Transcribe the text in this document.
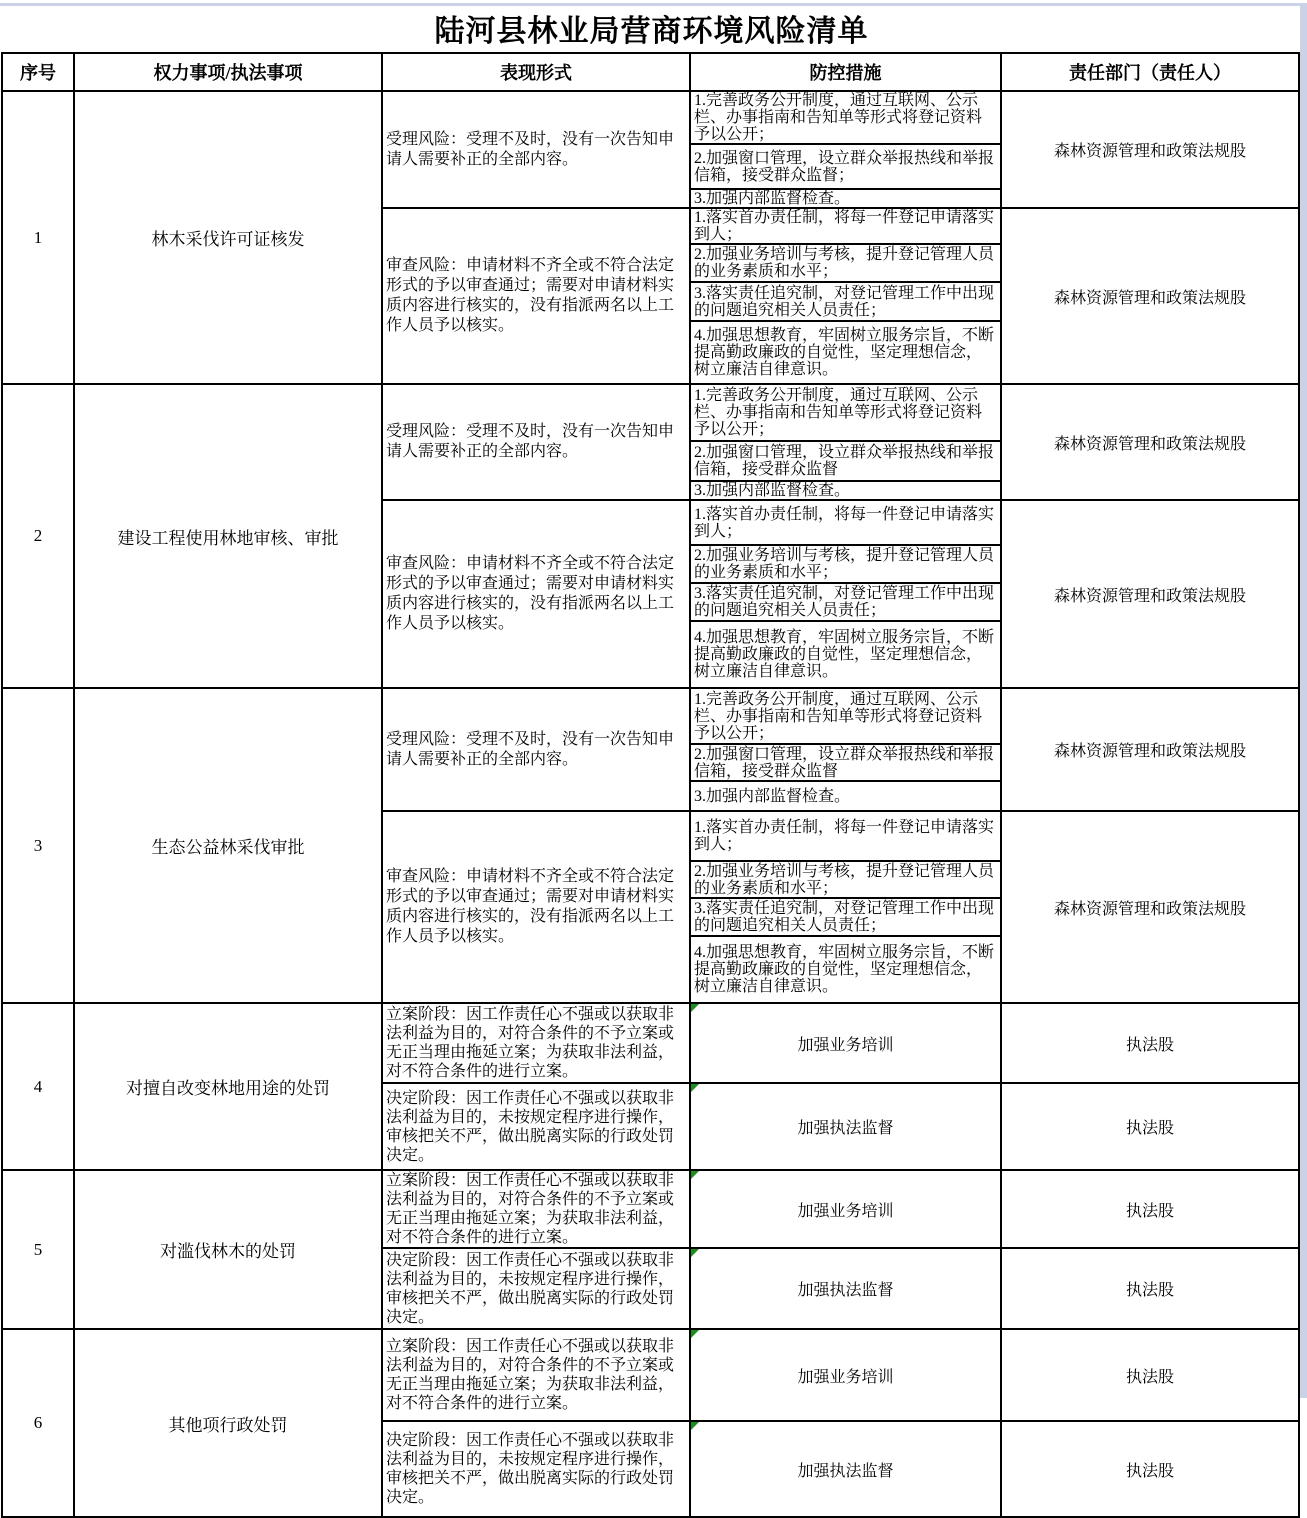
陆河县林业局营商环境风险清单
序号	权力事项/执法事项	表现形式	防控措施	责任部门（责任人）
1	林木采伐许可证核发	受理风险：受理不及时，没有一次告知申请人需要补正的全部内容。	1.完善政务公开制度，通过互联网、公示栏、办事指南和告知单等形式将登记资料予以公开；	森林资源管理和政策法规股
			2.加强窗口管理，设立群众举报热线和举报信箱，接受群众监督；	
			3.加强内部监督检查。	
		审查风险：申请材料不齐全或不符合法定形式的予以审查通过；需要对申请材料实质内容进行核实的，没有指派两名以上工作人员予以核实。	1.落实首办责任制，将每一件登记申请落实到人；	森林资源管理和政策法规股
			2.加强业务培训与考核，提升登记管理人员的业务素质和水平；	
			3.落实责任追究制，对登记管理工作中出现的问题追究相关人员责任；	
			4.加强思想教育，牢固树立服务宗旨，不断提高勤政廉政的自觉性，坚定理想信念，树立廉洁自律意识。	
2	建设工程使用林地审核、审批	受理风险：受理不及时，没有一次告知申请人需要补正的全部内容。	1.完善政务公开制度，通过互联网、公示栏、办事指南和告知单等形式将登记资料予以公开；	森林资源管理和政策法规股
			2.加强窗口管理，设立群众举报热线和举报信箱，接受群众监督	
			3.加强内部监督检查。	
		审查风险：申请材料不齐全或不符合法定形式的予以审查通过；需要对申请材料实质内容进行核实的，没有指派两名以上工作人员予以核实。	1.落实首办责任制，将每一件登记申请落实到人；	森林资源管理和政策法规股
			2.加强业务培训与考核，提升登记管理人员的业务素质和水平；	
			3.落实责任追究制，对登记管理工作中出现的问题追究相关人员责任；	
			4.加强思想教育，牢固树立服务宗旨，不断提高勤政廉政的自觉性，坚定理想信念，树立廉洁自律意识。	
3	生态公益林采伐审批	受理风险：受理不及时，没有一次告知申请人需要补正的全部内容。	1.完善政务公开制度，通过互联网、公示栏、办事指南和告知单等形式将登记资料予以公开；	森林资源管理和政策法规股
			2.加强窗口管理，设立群众举报热线和举报信箱，接受群众监督	
			3.加强内部监督检查。	
		审查风险：申请材料不齐全或不符合法定形式的予以审查通过；需要对申请材料实质内容进行核实的，没有指派两名以上工作人员予以核实。	1.落实首办责任制，将每一件登记申请落实到人；	森林资源管理和政策法规股
			2.加强业务培训与考核，提升登记管理人员的业务素质和水平；	
			3.落实责任追究制，对登记管理工作中出现的问题追究相关人员责任；	
			4.加强思想教育，牢固树立服务宗旨，不断提高勤政廉政的自觉性，坚定理想信念，树立廉洁自律意识。	
4	对擅自改变林地用途的处罚	立案阶段：因工作责任心不强或以获取非法利益为目的，对符合条件的不予立案或无正当理由拖延立案；为获取非法利益，对不符合条件的进行立案。	加强业务培训	执法股
		决定阶段：因工作责任心不强或以获取非法利益为目的，未按规定程序进行操作，审核把关不严，做出脱离实际的行政处罚决定。	加强执法监督	执法股
5	对滥伐林木的处罚	立案阶段：因工作责任心不强或以获取非法利益为目的，对符合条件的不予立案或无正当理由拖延立案；为获取非法利益，对不符合条件的进行立案。	加强业务培训	执法股
		决定阶段：因工作责任心不强或以获取非法利益为目的，未按规定程序进行操作，审核把关不严，做出脱离实际的行政处罚决定。	加强执法监督	执法股
6	其他项行政处罚	立案阶段：因工作责任心不强或以获取非法利益为目的，对符合条件的不予立案或无正当理由拖延立案；为获取非法利益，对不符合条件的进行立案。	加强业务培训	执法股
		决定阶段：因工作责任心不强或以获取非法利益为目的，未按规定程序进行操作，审核把关不严，做出脱离实际的行政处罚决定。	加强执法监督	执法股
